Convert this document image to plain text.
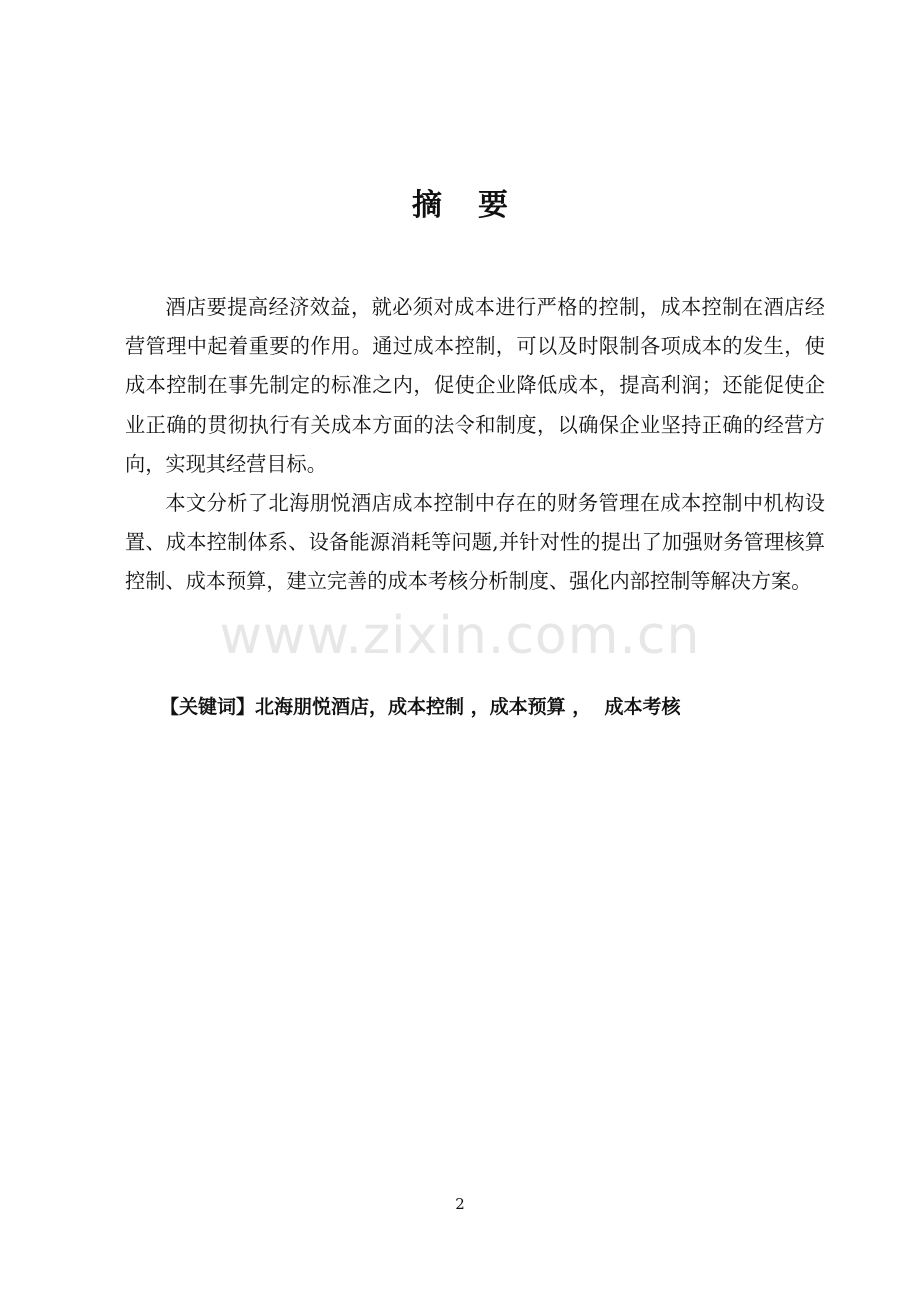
摘 要

酒店要提高经济效益，就必须对成本进行严格的控制，成本控制在酒店经营管理中起着重要的作用。通过成本控制，可以及时限制各项成本的发生，使成本控制在事先制定的标准之内，促使企业降低成本，提高利润；还能促使企业正确的贯彻执行有关成本方面的法令和制度，以确保企业坚持正确的经营方向，实现其经营目标。

本文分析了北海朋悦酒店成本控制中存在的财务管理在成本控制中机构设置、成本控制体系、设备能源消耗等问题,并针对性的提出了加强财务管理核算控制、成本预算，建立完善的成本考核分析制度、强化内部控制等解决方案。

www.zixin.com.cn

【关键词】北海朋悦酒店，成本控制 ，成本预算 ，  成本考核

2
